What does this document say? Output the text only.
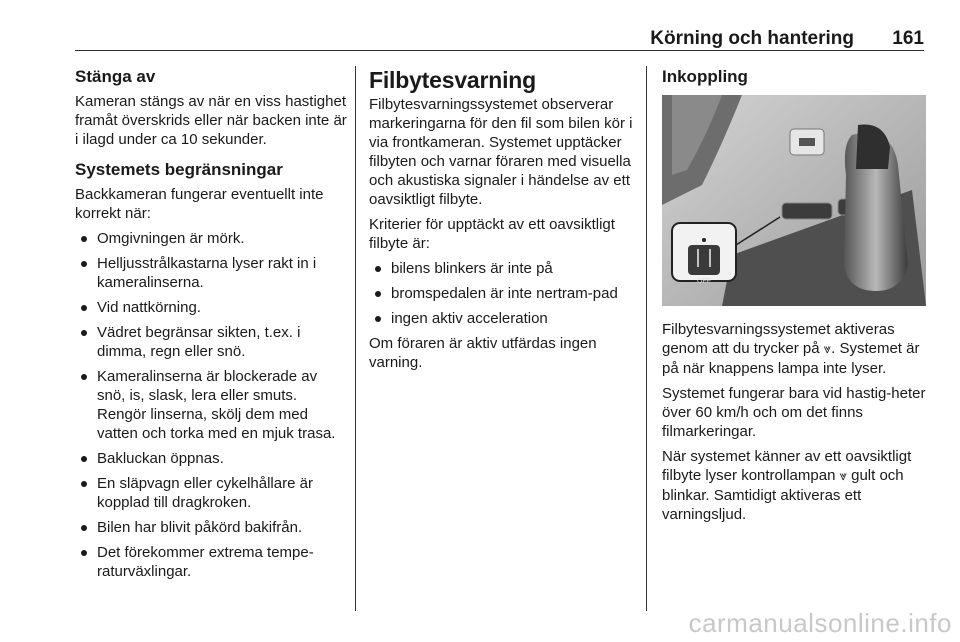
Körning och hantering 161
Stänga av

Kameran stängs av när en viss hastighet framåt överskrids eller när backen inte är i ilagd under ca 10 sekunder.

Systemets begränsningar

Backkameran fungerar eventuellt inte korrekt när:

Omgivningen är mörk.
Helljusstrålkastarna lyser rakt in i kameralinserna.
Vid nattkörning.
Vädret begränsar sikten, t.ex. i dimma, regn eller snö.
Kameralinserna är blockerade av snö, is, slask, lera eller smuts. Rengör linserna, skölj dem med vatten och torka med en mjuk trasa.
Bakluckan öppnas.
En släpvagn eller cykelhållare är kopplad till dragkroken.
Bilen har blivit påkörd bakifrån.
Det förekommer extrema tempe-raturväxlingar.
Filbytesvarning

Filbytesvarningssystemet observerar markeringarna för den fil som bilen kör i via frontkameran. Systemet upptäcker filbyten och varnar föraren med visuella och akustiska signaler i händelse av ett oavsiktligt filbyte.

Kriterier för upptäckt av ett oavsiktligt filbyte är:

bilens blinkers är inte på
bromspedalen är inte nertram-pad
ingen aktiv acceleration

Om föraren är aktiv utfärdas ingen varning.

Inkoppling
OFF

Filbytesvarningssystemet aktiveras genom att du trycker på ⩔. Systemet är på när knappens lampa inte lyser.

Systemet fungerar bara vid hastig-heter över 60 km/h och om det finns filmarkeringar.

När systemet känner av ett oavsiktligt filbyte lyser kontrollampan ⩔ gult och blinkar. Samtidigt aktiveras ett varningsljud.

carmanualsonline.info
